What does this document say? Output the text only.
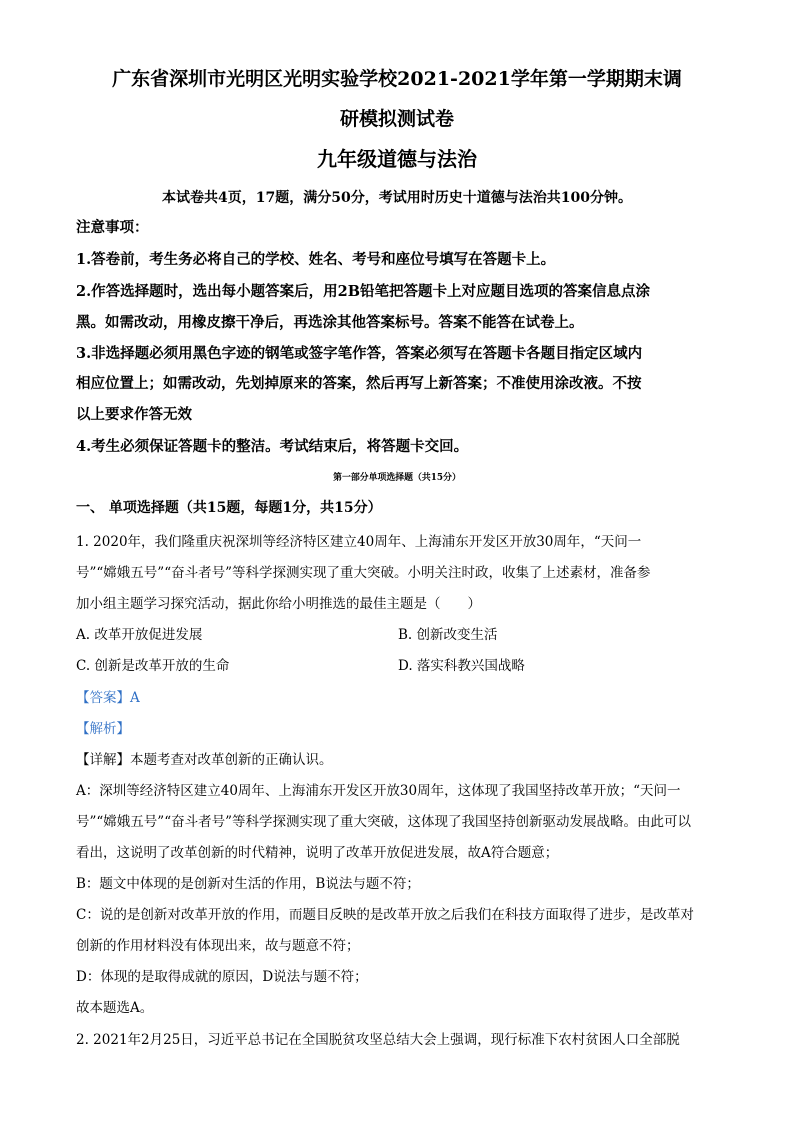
广东省深圳市光明区光明实验学校2021-2021学年第一学期期末调
研模拟测试卷
九年级道德与法治
本试卷共4页，17题，满分50分，考试用时历史十道德与法治共100分钟。
注意事项：
1.答卷前，考生务必将自己的学校、姓名、考号和座位号填写在答题卡上。
2.作答选择题时，选出每小题答案后，用2B铅笔把答题卡上对应题目选项的答案信息点涂
黑。如需改动，用橡皮擦干净后，再选涂其他答案标号。答案不能答在试卷上。
3.非选择题必须用黑色字迹的钢笔或签字笔作答，答案必须写在答题卡各题目指定区域内
相应位置上；如需改动，先划掉原来的答案，然后再写上新答案；不准使用涂改液。不按
以上要求作答无效
4.考生必须保证答题卡的整洁。考试结束后，将答题卡交回。
第一部分单项选择题（共15分）
一、 单项选择题（共15题，每题1分，共15分）
1. 2020年，我们隆重庆祝深圳等经济特区建立40周年、上海浦东开发区开放30周年，“天问一
号”“嫦娥五号”“奋斗者号”等科学探测实现了重大突破。小明关注时政，收集了上述素材，准备参
加小组主题学习探究活动，据此你给小明推选的最佳主题是（　　）
A. 改革开放促进发展	B. 创新改变生活
C. 创新是改革开放的生命	D. 落实科教兴国战略
【答案】A
【解析】
【详解】本题考查对改革创新的正确认识。
A：深圳等经济特区建立40周年、上海浦东开发区开放30周年，这体现了我国坚持改革开放；“天问一
号”“嫦娥五号”“奋斗者号”等科学探测实现了重大突破，这体现了我国坚持创新驱动发展战略。由此可以
看出，这说明了改革创新的时代精神，说明了改革开放促进发展，故A符合题意；
B：题文中体现的是创新对生活的作用，B说法与题不符；
C：说的是创新对改革开放的作用，而题目反映的是改革开放之后我们在科技方面取得了进步，是改革对
创新的作用材料没有体现出来，故与题意不符；
D：体现的是取得成就的原因，D说法与题不符；
故本题选A。
2. 2021年2月25日，习近平总书记在全国脱贫攻坚总结大会上强调，现行标准下农村贫困人口全部脱
